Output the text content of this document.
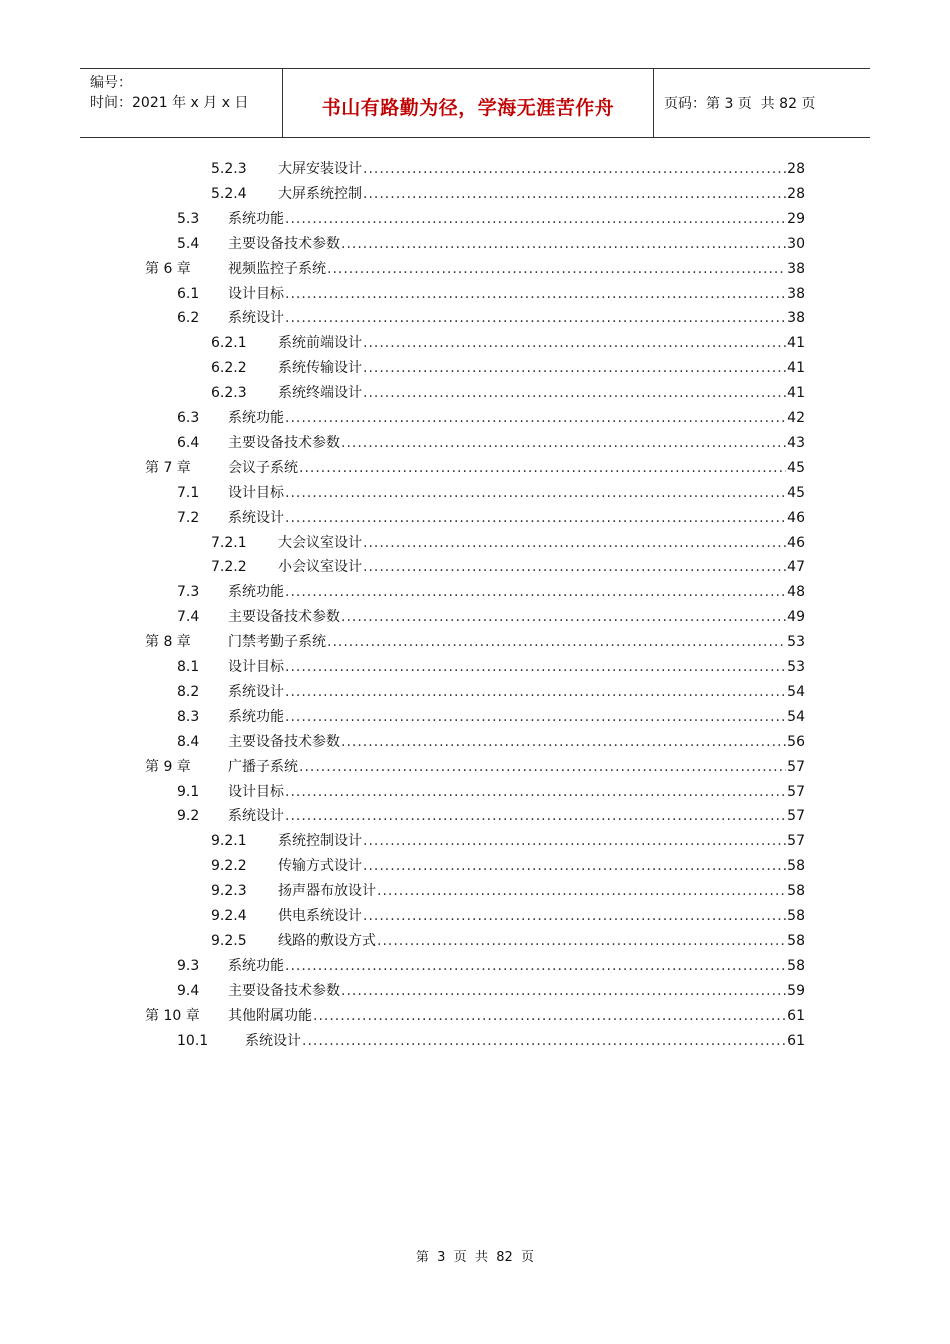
编号：
时间：2021 年 x 月 x 日	书山有路勤为径，学海无涯苦作舟	页码：第 3 页  共 82 页
5.2.3	大屏安装设计 .....	28
5.2.4	大屏系统控制 .....	28
5.3	系统功能 .....	29
5.4	主要设备技术参数 .....	30
第 6 章	视频监控子系统 .....	38
6.1	设计目标 .....	38
6.2	系统设计 .....	38
6.2.1	系统前端设计 .....	41
6.2.2	系统传输设计 .....	41
6.2.3	系统终端设计 .....	41
6.3	系统功能 .....	42
6.4	主要设备技术参数 .....	43
第 7 章	会议子系统 .....	45
7.1	设计目标 .....	45
7.2	系统设计 .....	46
7.2.1	大会议室设计 .....	46
7.2.2	小会议室设计 .....	47
7.3	系统功能 .....	48
7.4	主要设备技术参数 .....	49
第 8 章	门禁考勤子系统 .....	53
8.1	设计目标 .....	53
8.2	系统设计 .....	54
8.3	系统功能 .....	54
8.4	主要设备技术参数 .....	56
第 9 章	广播子系统 .....	57
9.1	设计目标 .....	57
9.2	系统设计 .....	57
9.2.1	系统控制设计 .....	57
9.2.2	传输方式设计 .....	58
9.2.3	扬声器布放设计 .....	58
9.2.4	供电系统设计 .....	58
9.2.5	线路的敷设方式 .....	58
9.3	系统功能 .....	58
9.4	主要设备技术参数 .....	59
第 10 章	其他附属功能 .....	61
10.1	系统设计 .....	61
第  3  页  共  82  页
